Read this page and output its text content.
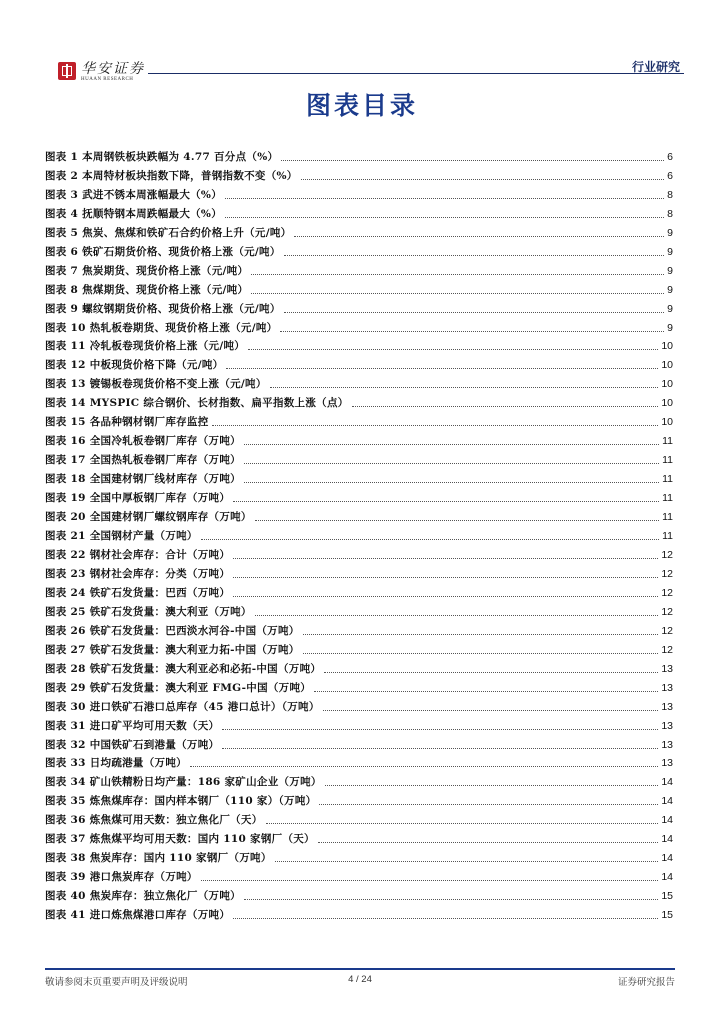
华安证券
HUAAN RESEARCH
行业研究
图表目录
图表 1 本周钢铁板块跌幅为 4.77 百分点（%）	6
图表 2 本周特材板块指数下降，普钢指数不变（%）	6
图表 3 武进不锈本周涨幅最大（%）	8
图表 4 抚顺特钢本周跌幅最大（%）	8
图表 5 焦炭、焦煤和铁矿石合约价格上升（元/吨）	9
图表 6 铁矿石期货价格、现货价格上涨（元/吨）	9
图表 7 焦炭期货、现货价格上涨（元/吨）	9
图表 8 焦煤期货、现货价格上涨（元/吨）	9
图表 9 螺纹钢期货价格、现货价格上涨（元/吨）	9
图表 10 热轧板卷期货、现货价格上涨（元/吨）	9
图表 11 冷轧板卷现货价格上涨（元/吨）	10
图表 12 中板现货价格下降（元/吨）	10
图表 13 镀锡板卷现货价格不变上涨（元/吨）	10
图表 14 MYSPIC 综合钢价、长材指数、扁平指数上涨（点）	10
图表 15 各品种钢材钢厂库存监控	10
图表 16 全国冷轧板卷钢厂库存（万吨）	11
图表 17 全国热轧板卷钢厂库存（万吨）	11
图表 18 全国建材钢厂线材库存（万吨）	11
图表 19 全国中厚板钢厂库存（万吨）	11
图表 20 全国建材钢厂螺纹钢库存（万吨）	11
图表 21 全国钢材产量（万吨）	11
图表 22 钢材社会库存：合计（万吨）	12
图表 23 钢材社会库存：分类（万吨）	12
图表 24 铁矿石发货量：巴西（万吨）	12
图表 25 铁矿石发货量：澳大利亚（万吨）	12
图表 26 铁矿石发货量：巴西淡水河谷-中国（万吨）	12
图表 27 铁矿石发货量：澳大利亚力拓-中国（万吨）	12
图表 28 铁矿石发货量：澳大利亚必和必拓-中国（万吨）	13
图表 29 铁矿石发货量：澳大利亚 FMG-中国（万吨）	13
图表 30 进口铁矿石港口总库存（45 港口总计）（万吨）	13
图表 31 进口矿平均可用天数（天）	13
图表 32 中国铁矿石到港量（万吨）	13
图表 33 日均疏港量（万吨）	13
图表 34 矿山铁精粉日均产量：186 家矿山企业（万吨）	14
图表 35 炼焦煤库存：国内样本钢厂（110 家）（万吨）	14
图表 36 炼焦煤可用天数：独立焦化厂（天）	14
图表 37 炼焦煤平均可用天数：国内 110 家钢厂（天）	14
图表 38 焦炭库存：国内 110 家钢厂（万吨）	14
图表 39 港口焦炭库存（万吨）	14
图表 40 焦炭库存：独立焦化厂（万吨）	15
图表 41 进口炼焦煤港口库存（万吨）	15
敬请参阅末页重要声明及评级说明	4 / 24	证券研究报告
